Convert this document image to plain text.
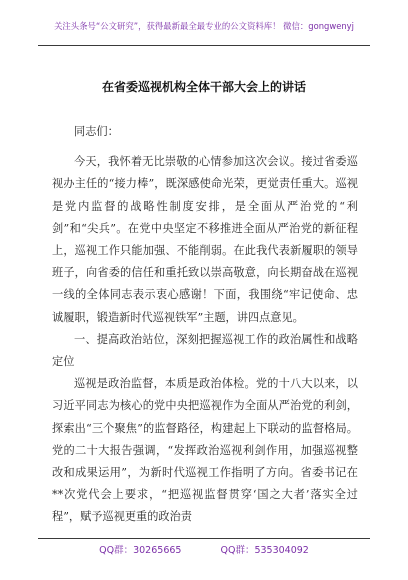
关注头条号“公文研究”，获得最新最全最专业的公文资料库！ 微信：gongwenyj
在省委巡视机构全体干部大会上的讲话

同志们：

今天，我怀着无比崇敬的心情参加这次会议。接过省委巡视办主任的“接力棒”，既深感使命光荣，更觉责任重大。巡视是党内监督的战略性制度安排，是全面从严治党的“利剑”和“尖兵”。在党中央坚定不移推进全面从严治党的新征程上，巡视工作只能加强、不能削弱。在此我代表新履职的领导班子，向省委的信任和重托致以崇高敬意，向长期奋战在巡视一线的全体同志表示衷心感谢！下面，我围绕“牢记使命、忠诚履职，锻造新时代巡视铁军”主题，讲四点意见。

一、提高政治站位，深刻把握巡视工作的政治属性和战略定位

巡视是政治监督，本质是政治体检。党的十八大以来，以习近平同志为核心的党中央把巡视作为全面从严治党的利剑，探索出“三个聚焦”的监督路径，构建起上下联动的监督格局。党的二十大报告强调，“发挥政治巡视利剑作用，加强巡视整改和成果运用”，为新时代巡视工作指明了方向。省委书记在**次党代会上要求，“把巡视监督贯穿‘国之大者’落实全过程”，赋予巡视更重的政治责

QQ群：30265665	QQ群：535304092
